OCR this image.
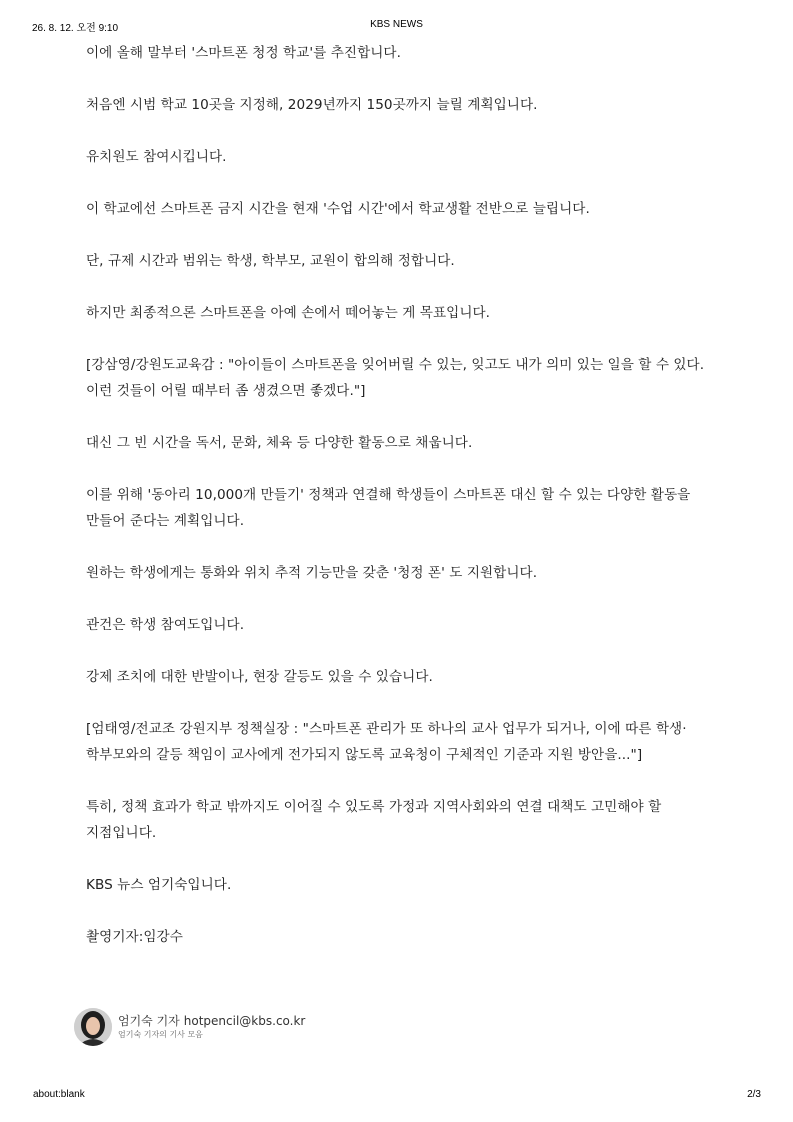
26. 8. 12. 오전 9:10	KBS NEWS

이에 올해 말부터 '스마트폰 청정 학교'를 추진합니다.

처음엔 시범 학교 10곳을 지정해, 2029년까지 150곳까지 늘릴 계획입니다.

유치원도 참여시킵니다.

이 학교에선 스마트폰 금지 시간을 현재 '수업 시간'에서 학교생활 전반으로 늘립니다.

단, 규제 시간과 범위는 학생, 학부모, 교원이 합의해 정합니다.

하지만 최종적으론 스마트폰을 아예 손에서 떼어놓는 게 목표입니다.

[강삼영/강원도교육감 : "아이들이 스마트폰을 잊어버릴 수 있는, 잊고도 내가 의미 있는 일을 할 수 있다. 이런 것들이 어릴 때부터 좀 생겼으면 좋겠다."]

대신 그 빈 시간을 독서, 문화, 체육 등 다양한 활동으로 채웁니다.

이를 위해 '동아리 10,000개 만들기' 정책과 연결해 학생들이 스마트폰 대신 할 수 있는 다양한 활동을 만들어 준다는 계획입니다.

원하는 학생에게는 통화와 위치 추적 기능만을 갖춘 '청정 폰' 도 지원합니다.

관건은 학생 참여도입니다.

강제 조치에 대한 반발이나, 현장 갈등도 있을 수 있습니다.

[엄태영/전교조 강원지부 정책실장 : "스마트폰 관리가 또 하나의 교사 업무가 되거나, 이에 따른 학생·학부모와의 갈등 책임이 교사에게 전가되지 않도록 교육청이 구체적인 기준과 지원 방안을..."]

특히, 정책 효과가 학교 밖까지도 이어질 수 있도록 가정과 지역사회와의 연결 대책도 고민해야 할 지점입니다.

KBS 뉴스 엄기숙입니다.

촬영기자:임강수

엄기숙 기자 hotpencil@kbs.co.kr
엄기숙 기자의 기사 모음
about:blank	2/3
